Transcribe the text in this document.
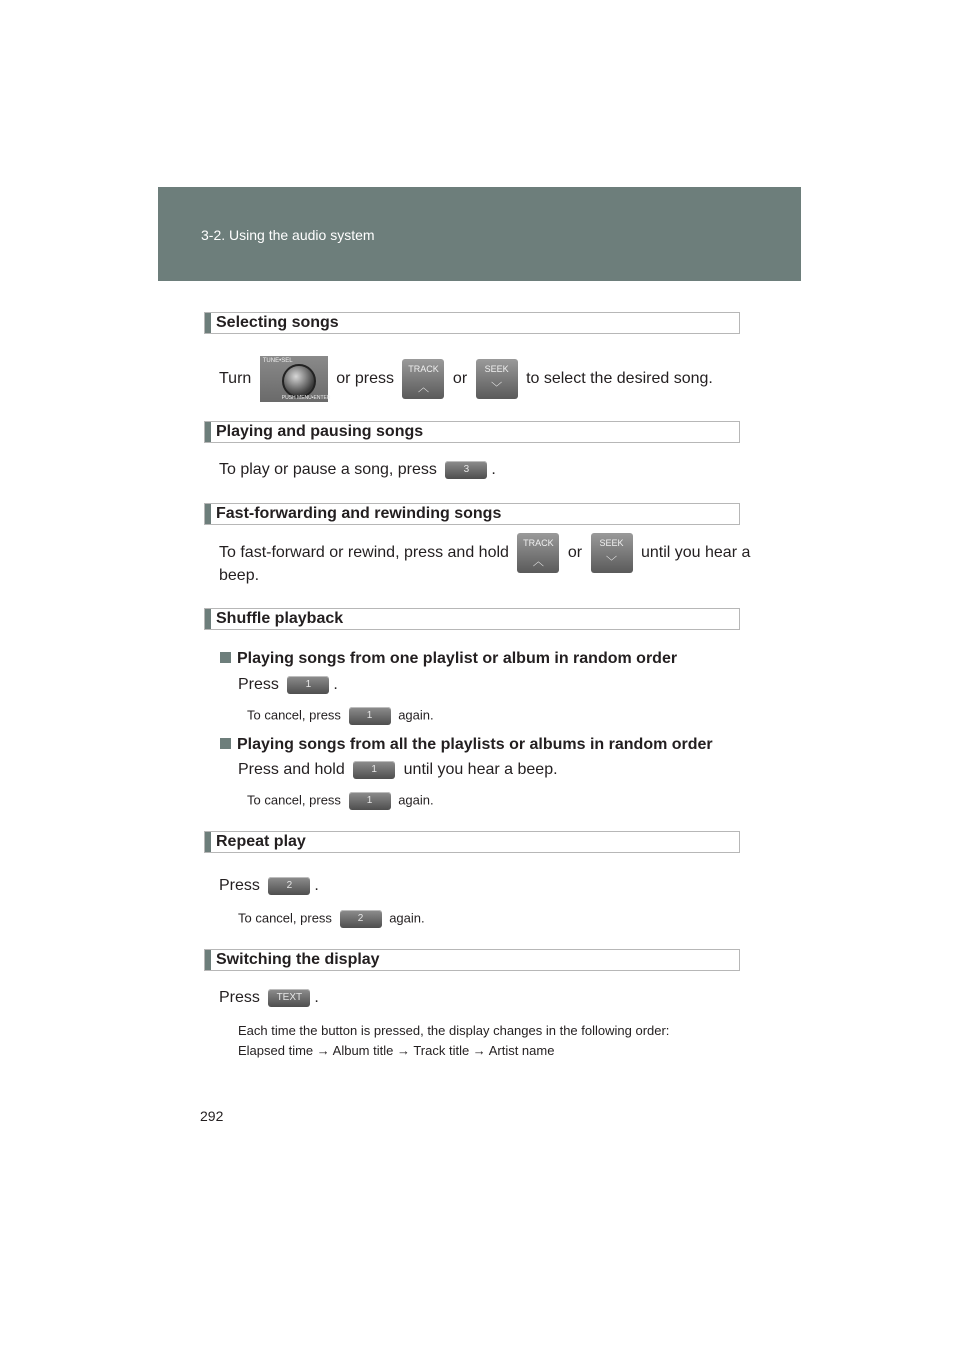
3-2. Using the audio system
Selecting songs
Turn
TUNE•SEL
PUSH MENU•ENTER
or press
TRACK
︿
or
SEEK
﹀
to select the desired song.
Playing and pausing songs
To play or pause a song, press	3 .
Fast-forwarding and rewinding songs
To fast-forward or rewind, press and hold
TRACK
︿
or
SEEK
﹀
until you hear a
beep.
Shuffle playback
Playing songs from one playlist or album in random order
Press	1 .
To cancel, press	1 again.
Playing songs from all the playlists or albums in random order
Press and hold	1 until you hear a beep.
To cancel, press	1 again.
Repeat play
Press	2 .
To cancel, press	2 again.
Switching the display
Press TEXT .
Each time the button is pressed, the display changes in the following order:
Elapsed time → Album title → Track title → Artist name
292
